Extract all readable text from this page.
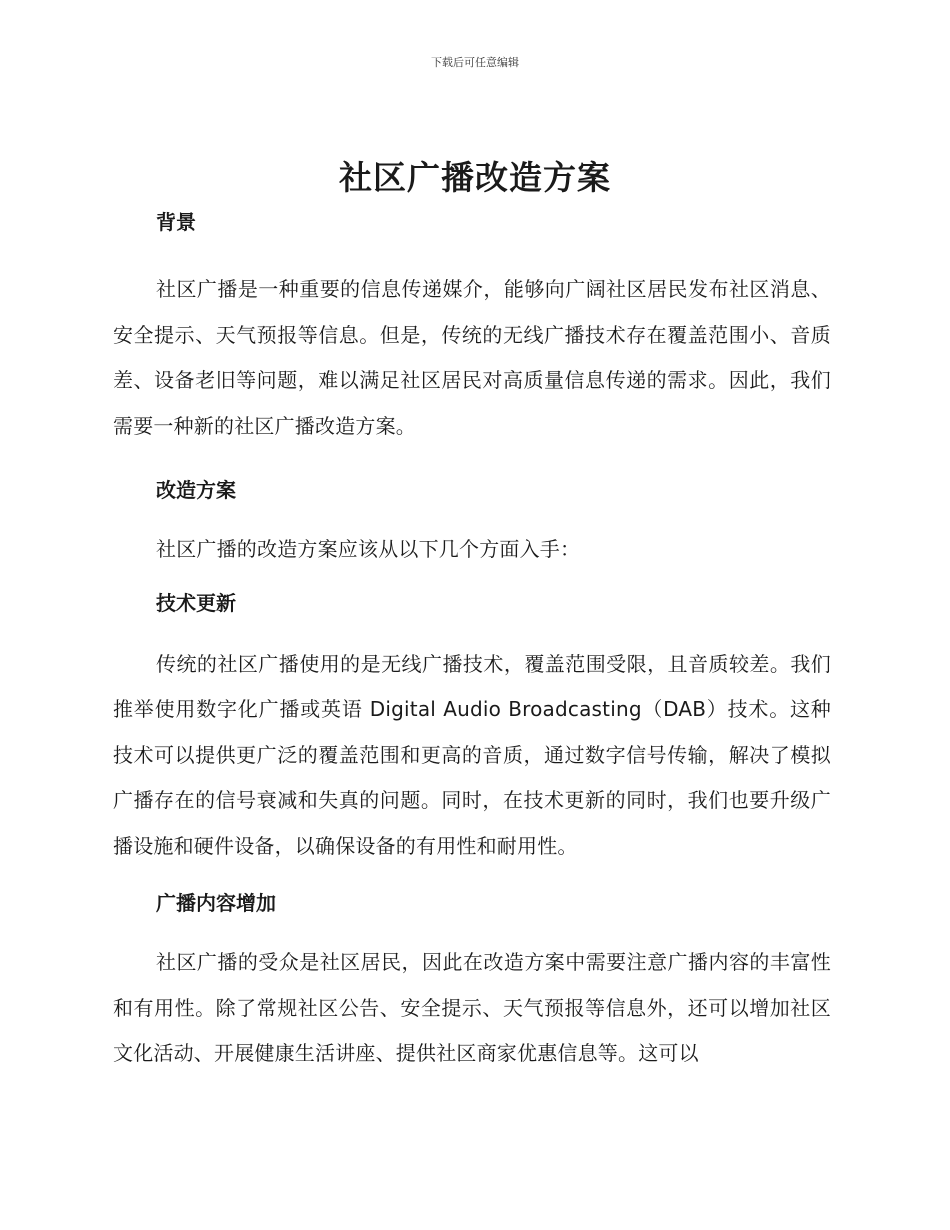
下载后可任意编辑
社区广播改造方案
背景

社区广播是一种重要的信息传递媒介，能够向广阔社区居民发布社区消息、安全提示、天气预报等信息。但是，传统的无线广播技术存在覆盖范围小、音质差、设备老旧等问题，难以满足社区居民对高质量信息传递的需求。因此，我们需要一种新的社区广播改造方案。

改造方案

社区广播的改造方案应该从以下几个方面入手：

技术更新

传统的社区广播使用的是无线广播技术，覆盖范围受限，且音质较差。我们推举使用数字化广播或英语 Digital Audio Broadcasting（DAB）技术。这种技术可以提供更广泛的覆盖范围和更高的音质，通过数字信号传输，解决了模拟广播存在的信号衰减和失真的问题。同时，在技术更新的同时，我们也要升级广播设施和硬件设备，以确保设备的有用性和耐用性。

广播内容增加

社区广播的受众是社区居民，因此在改造方案中需要注意广播内容的丰富性和有用性。除了常规社区公告、安全提示、天气预报等信息外，还可以增加社区文化活动、开展健康生活讲座、提供社区商家优惠信息等。这可以
